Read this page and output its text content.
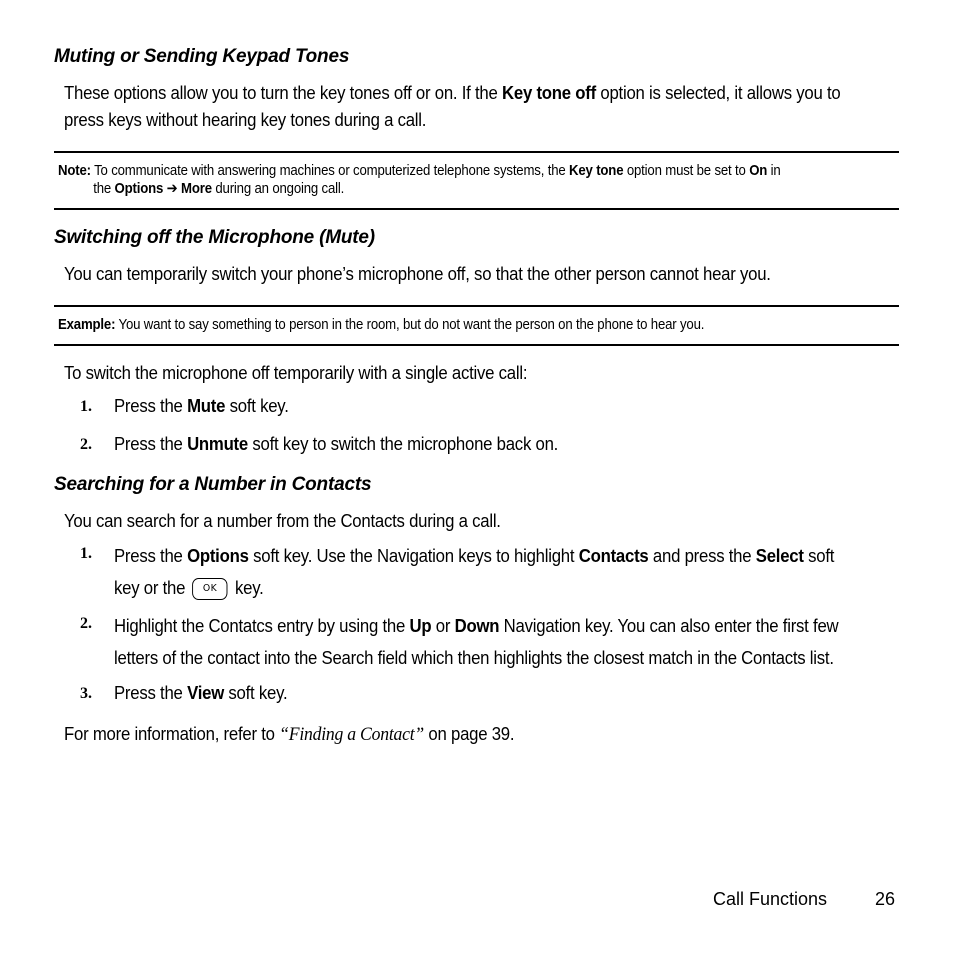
Muting or Sending Keypad Tones
These options allow you to turn the key tones off or on. If the Key tone off option is selected, it allows you to
press keys without hearing key tones during a call.
Note: To communicate with answering machines or computerized telephone systems, the Key tone option must be set to On in
the Options ➔ More during an ongoing call.
Switching off the Microphone (Mute)
You can temporarily switch your phone’s microphone off, so that the other person cannot hear you.
Example: You want to say something to person in the room, but do not want the person on the phone to hear you.
To switch the microphone off temporarily with a single active call:
1. Press the Mute soft key.
2. Press the Unmute soft key to switch the microphone back on.
Searching for a Number in Contacts
You can search for a number from the Contacts during a call.
1. Press the Options soft key. Use the Navigation keys to highlight Contacts and press the Select soft
key or the OK key.
2. Highlight the Contatcs entry by using the Up or Down Navigation key. You can also enter the first few
letters of the contact into the Search field which then highlights the closest match in the Contacts list.
3. Press the View soft key.
For more information, refer to “Finding a Contact” on page 39.
Call Functions	26
